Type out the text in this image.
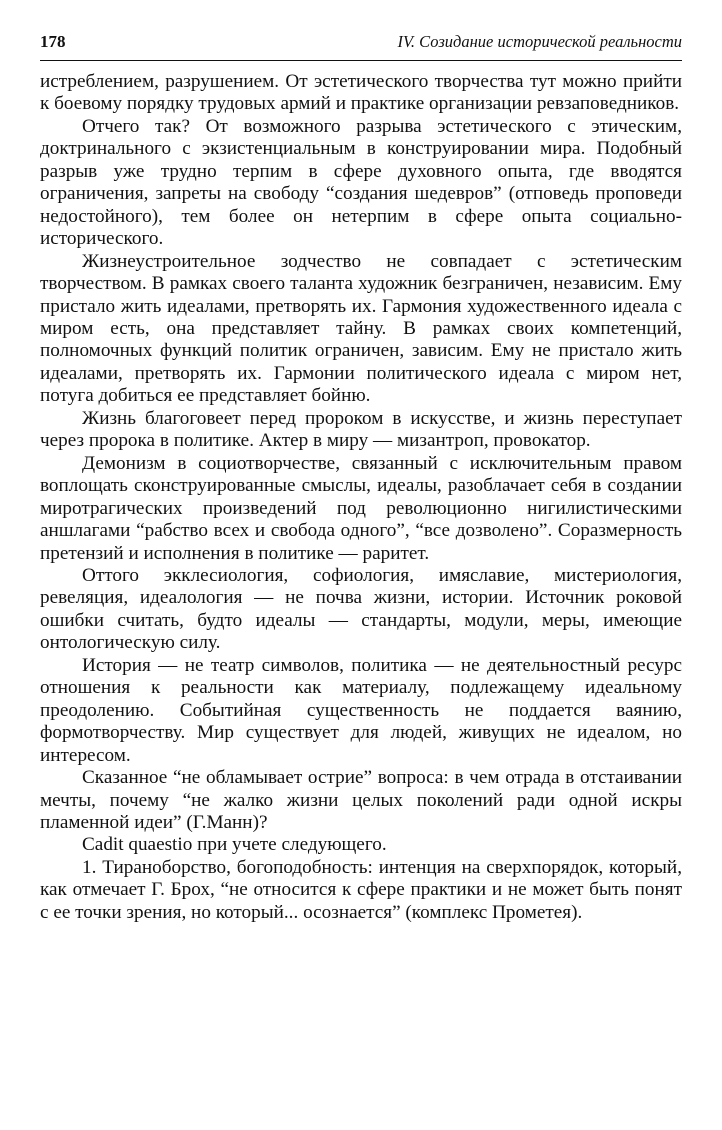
178	IV. Созидание исторической реальности

истреблением, разрушением. От эстетического творчества тут можно прийти к боевому порядку трудовых армий и практике организации ревзаповедников.

Отчего так? От возможного разрыва эстетического с этическим, доктринального с экзистенциальным в конструировании мира. Подобный разрыв уже трудно терпим в сфере духовного опыта, где вводятся ограничения, запреты на свободу “создания шедевров” (отповедь проповеди недостойного), тем более он нетерпим в сфере опыта социально-исторического.

Жизнеустроительное зодчество не совпадает с эстетическим творчеством. В рамках своего таланта художник безграничен, независим. Ему пристало жить идеалами, претворять их. Гармония художественного идеала с миром есть, она представляет тайну. В рамках своих компетенций, полномочных функций политик ограничен, зависим. Ему не пристало жить идеалами, претворять их. Гармонии политического идеала с миром нет, потуга добиться ее представляет бойню.

Жизнь благоговеет перед пророком в искусстве, и жизнь переступает через пророка в политике. Актер в миру — мизантроп, провокатор.

Демонизм в социотворчестве, связанный с исключительным правом воплощать сконструированные смыслы, идеалы, разоблачает себя в создании миротрагических произведений под революционно нигилистическими аншлагами “рабство всех и свобода одного”, “все дозволено”. Соразмерность претензий и исполнения в политике — раритет.

Оттого экклесиология, софиология, имяславие, мистериология, ревеляция, идеалология — не почва жизни, истории. Источник роковой ошибки считать, будто идеалы — стандарты, модули, меры, имеющие онтологическую силу.

История — не театр символов, политика — не деятельностный ресурс отношения к реальности как материалу, подлежащему идеальному преодолению. Событийная существенность не поддается ваянию, формотворчеству. Мир существует для людей, живущих не идеалом, но интересом.

Сказанное “не обламывает острие” вопроса: в чем отрада в отстаивании мечты, почему “не жалко жизни целых поколений ради одной искры пламенной идеи” (Г.Манн)?

Cadit quaestio при учете следующего.

1. Тираноборство, богоподобность: интенция на сверхпорядок, который, как отмечает Г. Брох, “не относится к сфере практики и не может быть понят с ее точки зрения, но который... осознается” (комплекс Прометея).
